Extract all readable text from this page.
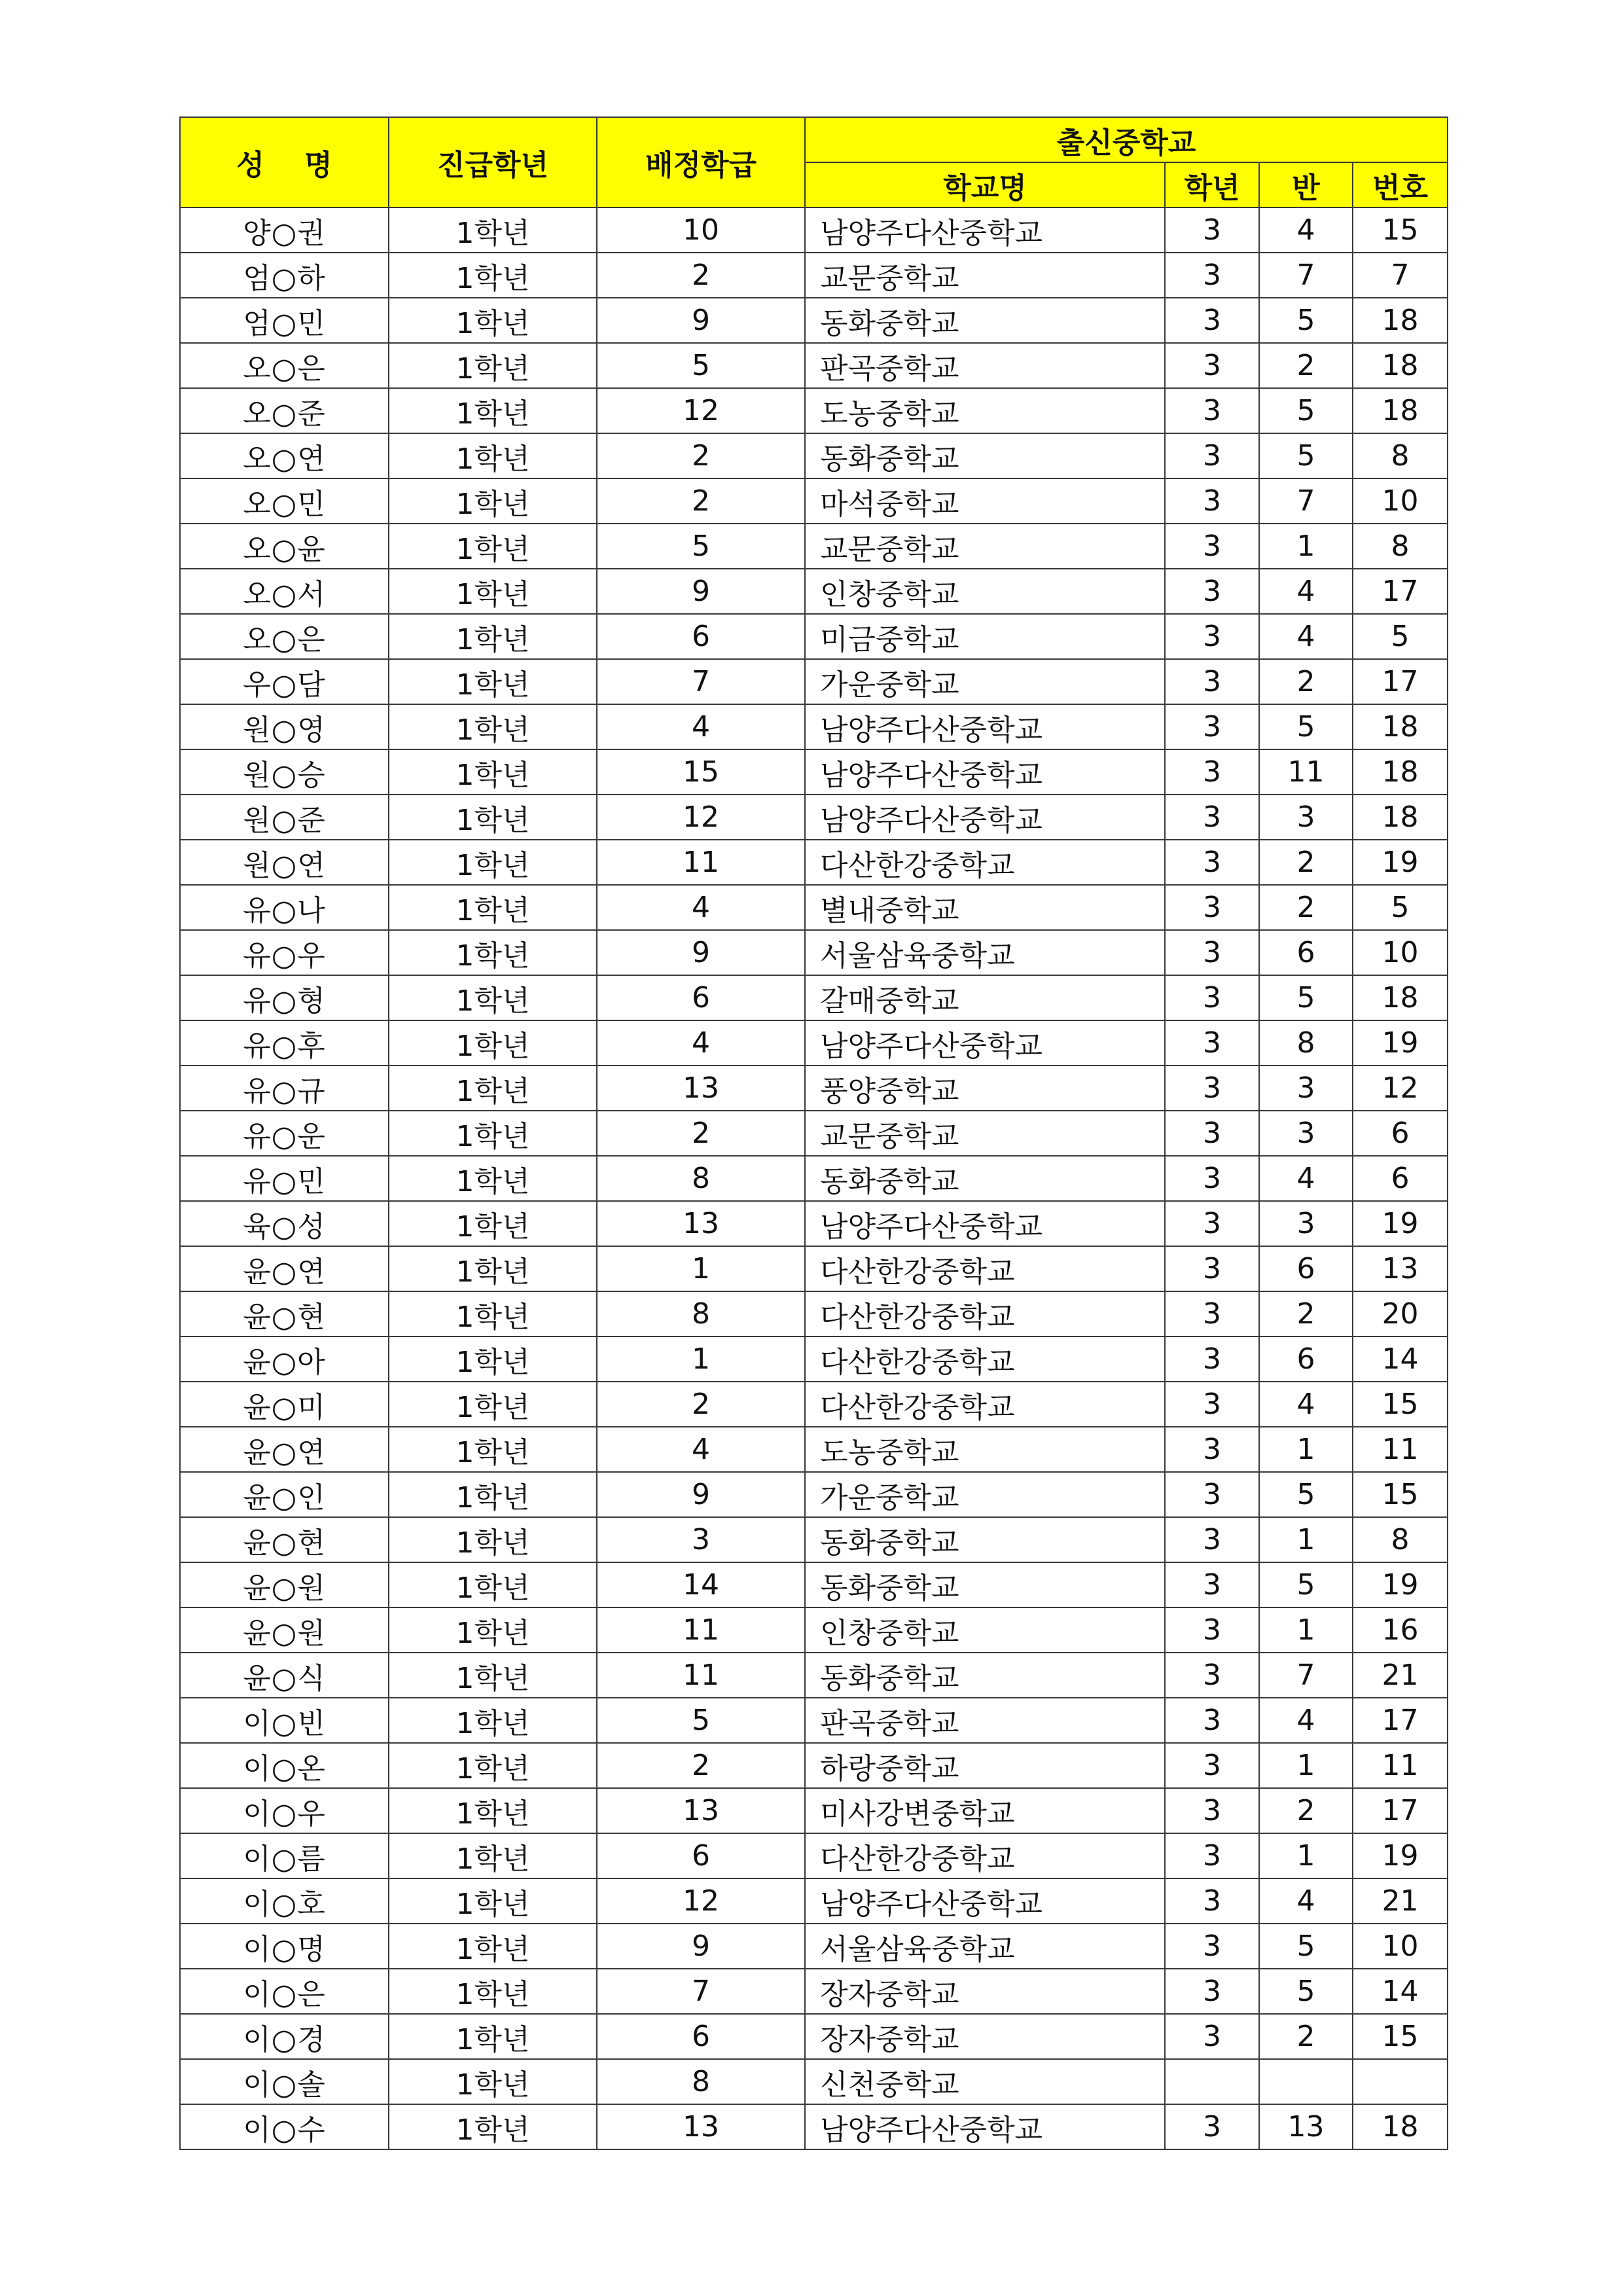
성    명	진급학년	배정학급	출신중학교			
			학교명	학년	반	번호
양○권	1학년	10	남양주다산중학교	3	4	15
엄○하	1학년	2	교문중학교	3	7	7
엄○민	1학년	9	동화중학교	3	5	18
오○은	1학년	5	판곡중학교	3	2	18
오○준	1학년	12	도농중학교	3	5	18
오○연	1학년	2	동화중학교	3	5	8
오○민	1학년	2	마석중학교	3	7	10
오○윤	1학년	5	교문중학교	3	1	8
오○서	1학년	9	인창중학교	3	4	17
오○은	1학년	6	미금중학교	3	4	5
우○담	1학년	7	가운중학교	3	2	17
원○영	1학년	4	남양주다산중학교	3	5	18
원○승	1학년	15	남양주다산중학교	3	11	18
원○준	1학년	12	남양주다산중학교	3	3	18
원○연	1학년	11	다산한강중학교	3	2	19
유○나	1학년	4	별내중학교	3	2	5
유○우	1학년	9	서울삼육중학교	3	6	10
유○형	1학년	6	갈매중학교	3	5	18
유○후	1학년	4	남양주다산중학교	3	8	19
유○규	1학년	13	풍양중학교	3	3	12
유○운	1학년	2	교문중학교	3	3	6
유○민	1학년	8	동화중학교	3	4	6
육○성	1학년	13	남양주다산중학교	3	3	19
윤○연	1학년	1	다산한강중학교	3	6	13
윤○현	1학년	8	다산한강중학교	3	2	20
윤○아	1학년	1	다산한강중학교	3	6	14
윤○미	1학년	2	다산한강중학교	3	4	15
윤○연	1학년	4	도농중학교	3	1	11
윤○인	1학년	9	가운중학교	3	5	15
윤○현	1학년	3	동화중학교	3	1	8
윤○원	1학년	14	동화중학교	3	5	19
윤○원	1학년	11	인창중학교	3	1	16
윤○식	1학년	11	동화중학교	3	7	21
이○빈	1학년	5	판곡중학교	3	4	17
이○온	1학년	2	하랑중학교	3	1	11
이○우	1학년	13	미사강변중학교	3	2	17
이○름	1학년	6	다산한강중학교	3	1	19
이○호	1학년	12	남양주다산중학교	3	4	21
이○명	1학년	9	서울삼육중학교	3	5	10
이○은	1학년	7	장자중학교	3	5	14
이○경	1학년	6	장자중학교	3	2	15
이○솔	1학년	8	신천중학교			
이○수	1학년	13	남양주다산중학교	3	13	18
